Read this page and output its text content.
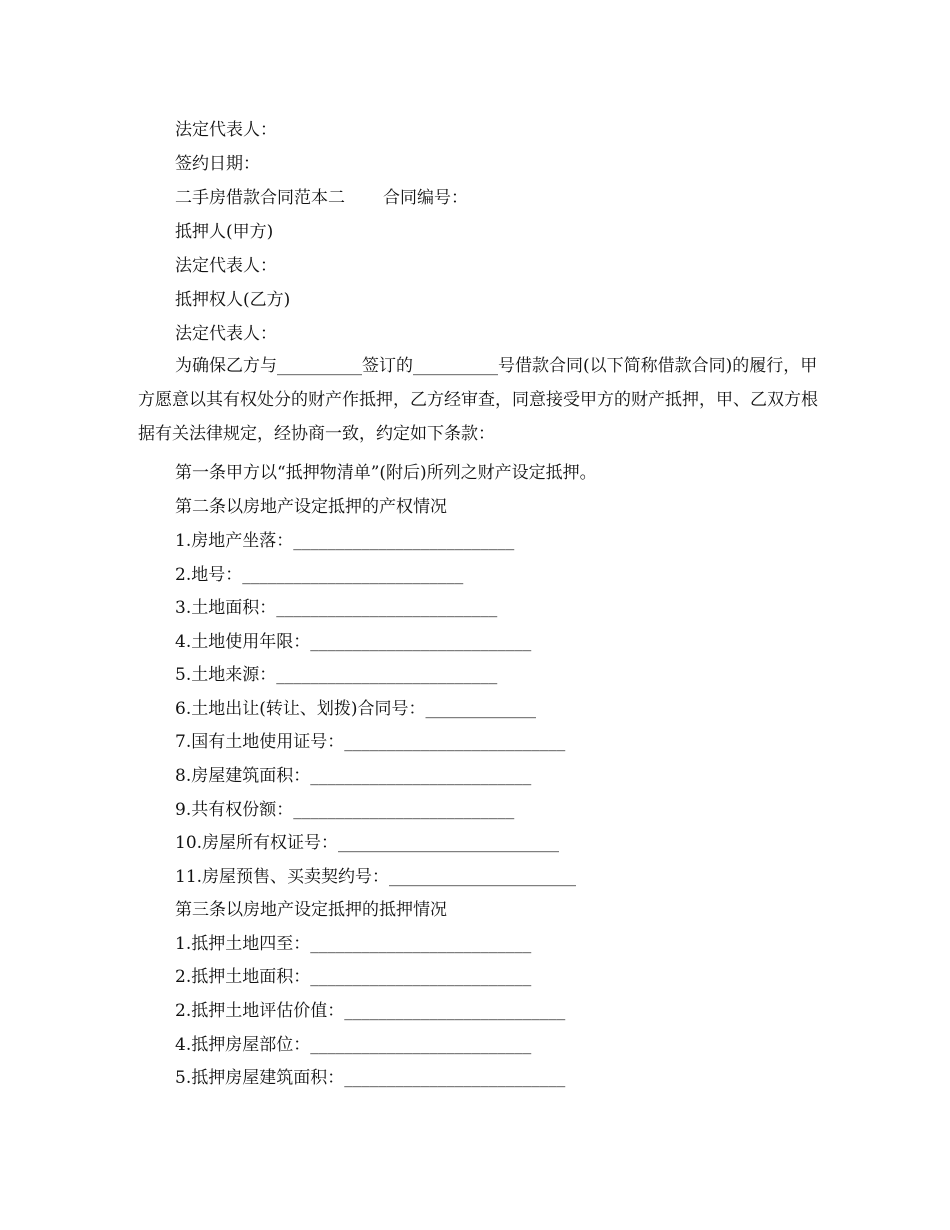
法定代表人：
签约日期：
二手房借款合同范本二 合同编号：
抵押人(甲方)
法定代表人：
抵押权人(乙方)
法定代表人：
为确保乙方与__________签订的__________号借款合同(以下简称借款合同)的履行，甲方愿意以其有权处分的财产作抵押，乙方经审查，同意接受甲方的财产抵押，甲、乙双方根据有关法律规定，经协商一致，约定如下条款：
第一条甲方以“抵押物清单”(附后)所列之财产设定抵押。
第二条以房地产设定抵押的产权情况
1.房地产坐落：__________________________
2.地号：__________________________
3.土地面积：__________________________
4.土地使用年限：__________________________
5.土地来源：__________________________
6.土地出让(转让、划拨)合同号：_____________
7.国有土地使用证号：__________________________
8.房屋建筑面积：__________________________
9.共有权份额：__________________________
10.房屋所有权证号：__________________________
11.房屋预售、买卖契约号：______________________
第三条以房地产设定抵押的抵押情况
1.抵押土地四至：__________________________
2.抵押土地面积：__________________________
2.抵押土地评估价值：__________________________
4.抵押房屋部位：__________________________
5.抵押房屋建筑面积：__________________________
